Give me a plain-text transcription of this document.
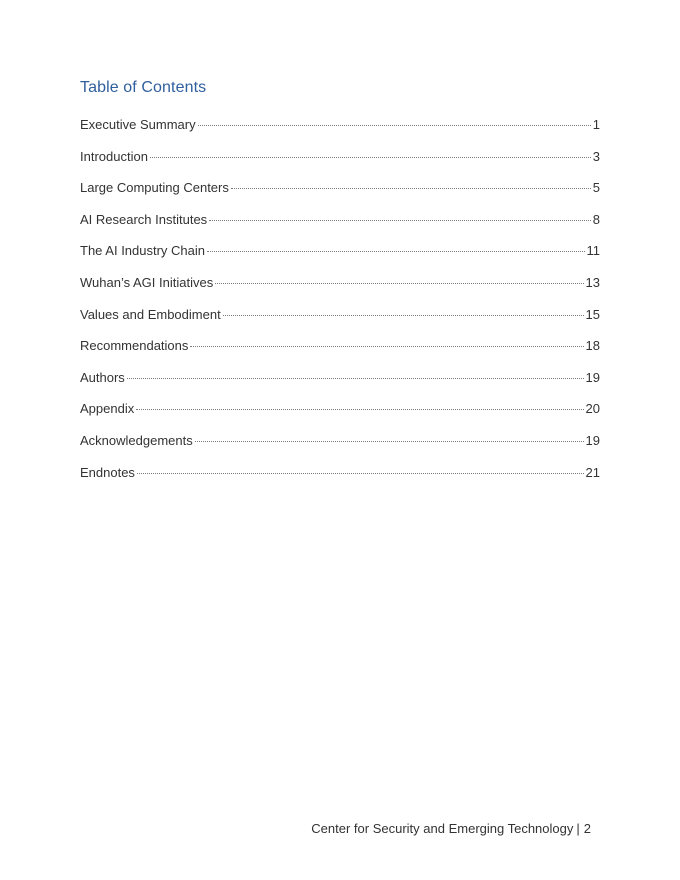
Table of Contents
Executive Summary	1
Introduction	3
Large Computing Centers	5
AI Research Institutes	8
The AI Industry Chain	11
Wuhan’s AGI Initiatives	13
Values and Embodiment	15
Recommendations	18
Authors	19
Appendix	20
Acknowledgements	19
Endnotes	21
Center for Security and Emerging Technology | 2
